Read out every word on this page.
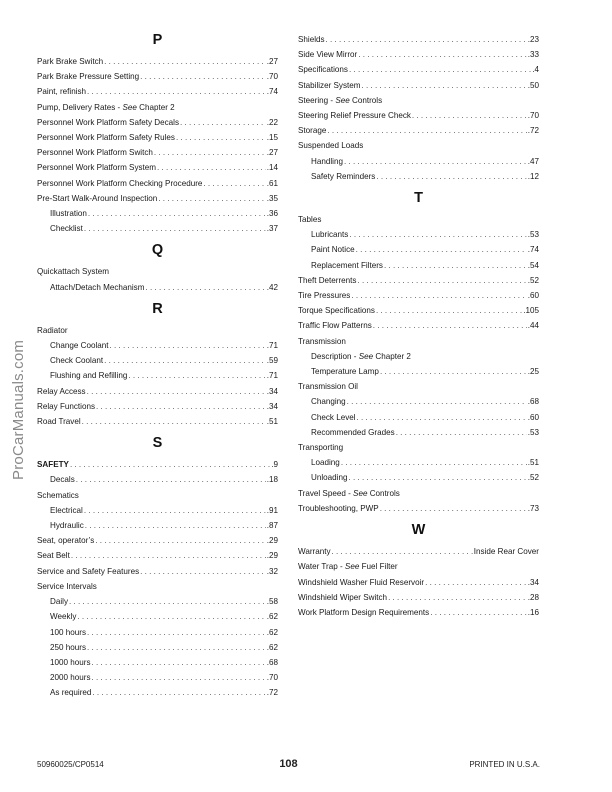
ProCarManuals.com
P
Park Brake Switch . . .	.27
Park Brake Pressure Setting . . .	.70
Paint, refinish . . .	.74
Pump, Delivery Rates - See Chapter 2
Personnel Work Platform Safety Decals . . .	.22
Personnel Work Platform Safety Rules . . .	.15
Personnel Work Platform Switch . . .	.27
Personnel Work Platform System . . .	.14
Personnel Work Platform Checking Procedure . . .	.61
Pre-Start Walk-Around Inspection . . .	.35
Illustration . . .	.36
Checklist . . .	.37
Q
Quickattach System
Attach/Detach Mechanism . . .	.42
R
Radiator
Change Coolant . . .	.71
Check Coolant . . .	.59
Flushing and Refilling . . .	.71
Relay Access . . .	.34
Relay Functions . . .	.34
Road Travel . . .	.51
S
SAFETY . . .	.9
Decals . . .	.18
Schematics
Electrical . . .	.91
Hydraulic . . .	.87
Seat, operator’s . . .	.29
Seat Belt . . .	.29
Service and Safety Features . . .	.32
Service Intervals
Daily . . .	.58
Weekly . . .	.62
100 hours . . .	.62
250 hours . . .	.62
1000 hours . . .	.68
2000 hours . . .	.70
As required . . .	.72
Shields . . .	.23
Side View Mirror . . .	.33
Specifications . . .	.4
Stabilizer System . . .	.50
Steering - See Controls
Steering Relief Pressure Check . . .	.70
Storage . . .	.72
Suspended Loads
Handling . . .	.47
Safety Reminders . . .	.12
T
Tables
Lubricants . . .	.53
Paint Notice . . .	.74
Replacement Filters . . .	.54
Theft Deterrents . . .	.52
Tire Pressures . . .	.60
Torque Specifications . . .	.105
Traffic Flow Patterns . . .	.44
Transmission
Description - See Chapter 2
Temperature Lamp . . .	.25
Transmission Oil
Changing . . .	.68
Check Level . . .	.60
Recommended Grades . . .	.53
Transporting
Loading . . .	.51
Unloading . . .	.52
Travel Speed - See Controls
Troubleshooting, PWP . . .	.73
W
Warranty . . .	Inside Rear Cover
Water Trap - See Fuel Filter
Windshield Washer Fluid Reservoir . . .	.34
Windshield Wiper Switch . . .	.28
Work Platform Design Requirements . . .	.16
50960025/CP0514	108	PRINTED IN U.S.A.
